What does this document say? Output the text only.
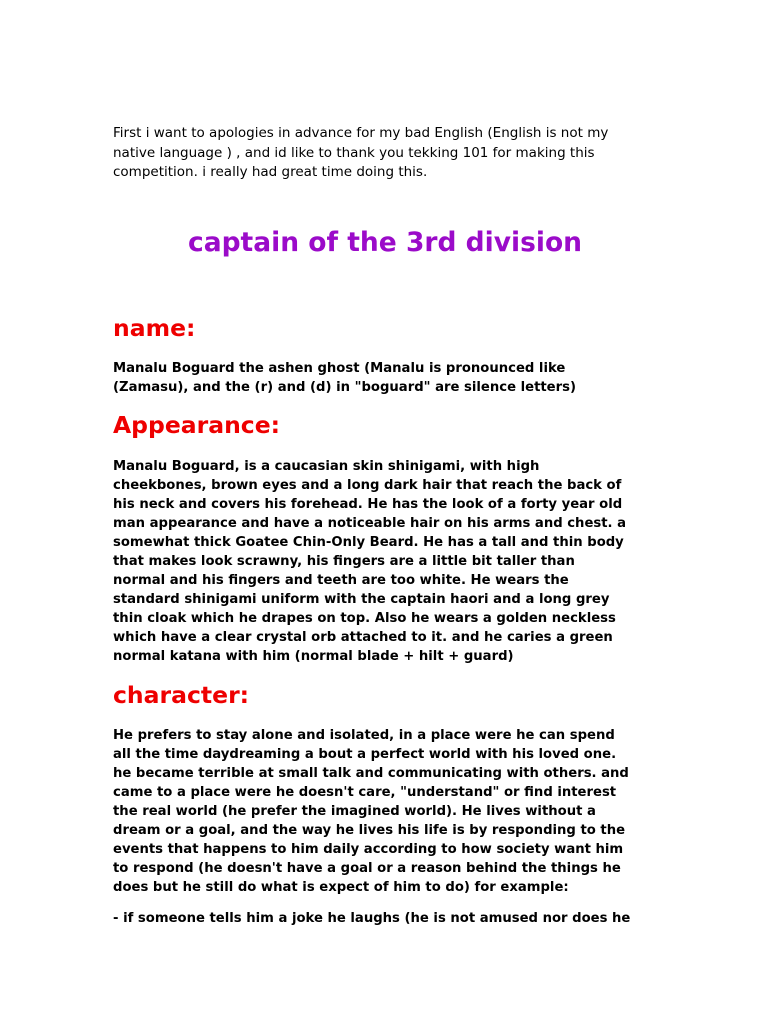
First i want to apologies in advance for my bad English (English is not my
native language ) , and id like to thank you tekking 101 for making this
competition. i really had great time doing this.
captain of the 3rd division
name:
Manalu Boguard the ashen ghost (Manalu is pronounced like
(Zamasu), and the (r) and (d) in "boguard" are silence letters)
Appearance:
Manalu Boguard, is a caucasian skin shinigami, with high
cheekbones, brown eyes and a long dark hair that reach the back of
his neck and covers his forehead. He has the look of a forty year old
man appearance and have a noticeable hair on his arms and chest. a
somewhat thick Goatee Chin-Only Beard. He has a tall and thin body
that makes look scrawny, his fingers are a little bit taller than
normal and his fingers and teeth are too white. He wears the
standard shinigami uniform with the captain haori and a long grey
thin cloak which he drapes on top. Also he wears a golden neckless
which have a clear crystal orb attached to it. and he caries a green
normal katana with him (normal blade + hilt + guard)
character:
He prefers to stay alone and isolated, in a place were he can spend
all the time daydreaming a bout a perfect world with his loved one.
he became terrible at small talk and communicating with others. and
came to a place were he doesn't care, "understand" or find interest
the real world (he prefer the imagined world). He lives without a
dream or a goal, and the way he lives his life is by responding to the
events that happens to him daily according to how society want him
to respond (he doesn't have a goal or a reason behind the things he
does but he still do what is expect of him to do) for example:
- if someone tells him a joke he laughs (he is not amused nor does he
